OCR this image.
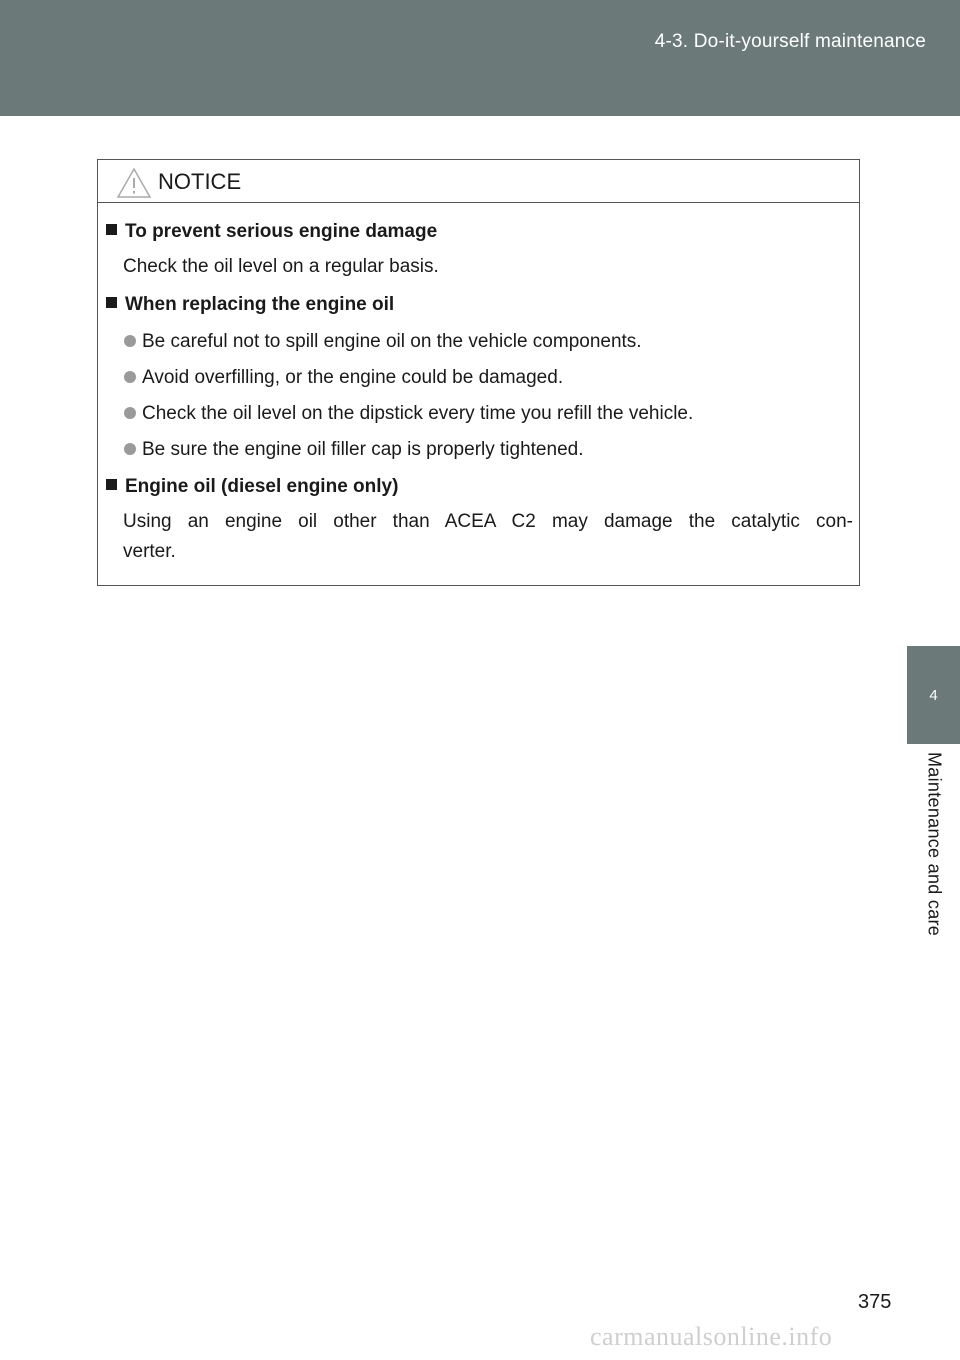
4-3. Do-it-yourself maintenance
4
Maintenance and care
NOTICE
To prevent serious engine damage
Check the oil level on a regular basis.
When replacing the engine oil
Be careful not to spill engine oil on the vehicle components.
Avoid overfilling, or the engine could be damaged.
Check the oil level on the dipstick every time you refill the vehicle.
Be sure the engine oil filler cap is properly tightened.
Engine oil (diesel engine only)
Using an engine oil other than ACEA C2 may damage the catalytic con-
verter.
375
carmanualsonline.info
